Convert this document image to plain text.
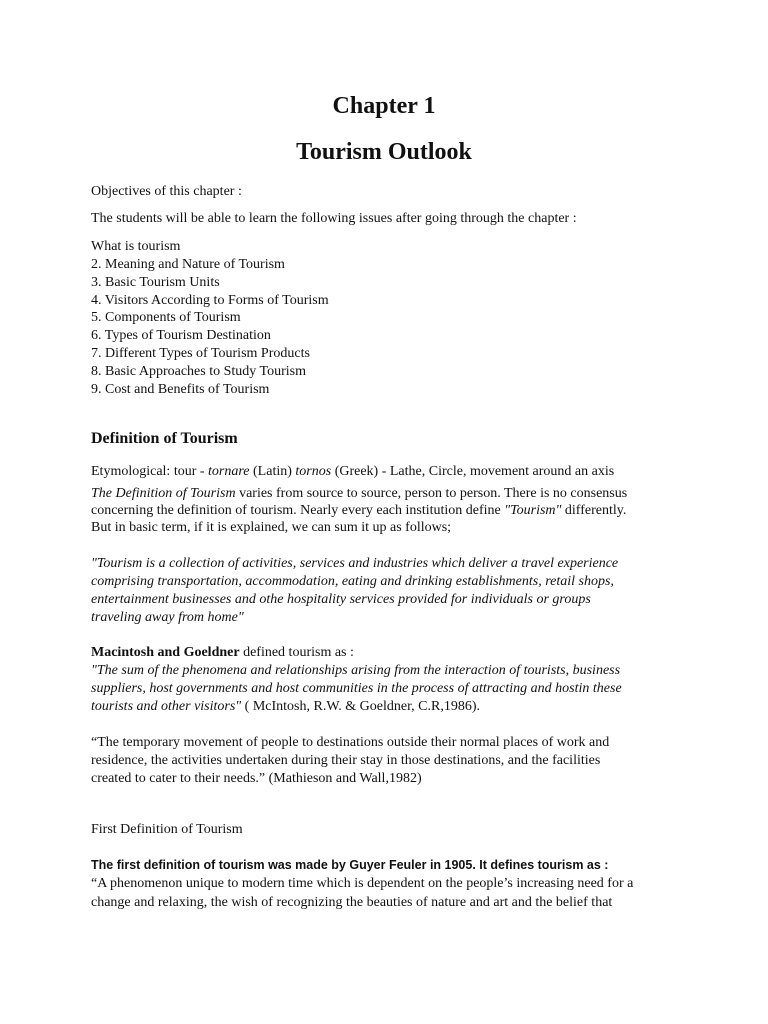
Chapter 1
Tourism Outlook
Objectives of this chapter :
The students will be able to learn the following issues after going through the chapter :
What is tourism
2. Meaning and Nature of Tourism
3. Basic Tourism Units
4. Visitors According to Forms of Tourism
5. Components of Tourism
6. Types of Tourism Destination
7. Different Types of Tourism Products
8. Basic Approaches to Study Tourism
9. Cost and Benefits of Tourism
Definition of Tourism
Etymological: tour - tornare (Latin) tornos (Greek) - Lathe, Circle, movement around an axis
The Definition of Tourism varies from source to source, person to person. There is no consensus
concerning the definition of tourism. Nearly every each institution define "Tourism" differently.
But in basic term, if it is explained, we can sum it up as follows;
"Tourism is a collection of activities, services and industries which deliver a travel experience
comprising transportation, accommodation, eating and drinking establishments, retail shops,
entertainment businesses and othe hospitality services provided for individuals or groups
traveling away from home"
Macintosh and Goeldner defined tourism as :
"The sum of the phenomena and relationships arising from the interaction of tourists, business
suppliers, host governments and host communities in the process of attracting and hostin these
tourists and other visitors" ( McIntosh, R.W. & Goeldner, C.R,1986).
“The temporary movement of people to destinations outside their normal places of work and
residence, the activities undertaken during their stay in those destinations, and the facilities
created to cater to their needs.” (Mathieson and Wall,1982)
First Definition of Tourism
The first definition of tourism was made by Guyer Feuler in 1905. It defines tourism as :
“A phenomenon unique to modern time which is dependent on the people’s increasing need for a
change and relaxing, the wish of recognizing the beauties of nature and art and the belief that
